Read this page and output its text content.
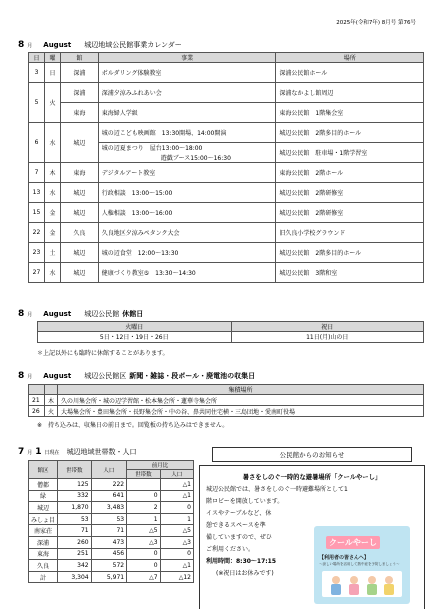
2025年(令和7年) 8月号 第76号
8 月 August 城辺地域公民館事業カレンダー
日	曜	館	事業	場所
3	日	深浦	ボルダリング体験教室	深浦公民館ホール
5	火	深浦	深浦夕涼みふれあい会	深浦なかよし館周辺
		東海	東海婦人学級	東海公民館　1階集会室
6	水	城辺	城の辺こども映画館　13:30開場、14:00開演	城辺公民館　2階多目的ホール
			城の辺夏まつり　屋台13:00～18:00	城辺公民館　駐車場・1階学習室
			遊戯ブース15:00～16:30	
7	木	東海	デジタルアート教室	東海公民館　2階ホール
13	水	城辺	行政相談　13:00～15:00	城辺公民館　2階研修室
15	金	城辺	人権相談　13:00～16:00	城辺公民館　2階研修室
22	金	久良	久良地区夕涼みペタンク大会	旧久良小学校グラウンド
23	土	城辺	城の辺食堂　12:00～13:30	城辺公民館　2階多目的ホール
27	水	城辺	健康づくり教室⑤　13:30～14:30	城辺公民館　3階和室
8 月 August 城辺公民館 休館日
火曜日	祝日
5日・12日・19日・26日	11日(月)山の日
＊上記以外にも臨時に休館することがあります。
8 月 August 城辺公民館区 新聞・雑誌・段ボール・廃電池の収集日
		集積場所
21	木	久の川集会所・城の辺学習館・松本集会所・蓮華寺集会所
26	火	大場集会所・豊田集会所・長野集会所・中の谷、鼻共同住宅横・三島団地・愛南町役場
※　持ち込みは、収集日の前日まで。回覧板の持ち込みはできません。
7 月 1 日現在 城辺地域世帯数・人口
館区	世帯数	人口	前月比	
			世帯数	人口
僧都	125	222		△1
緑	332	641	0	△1
城辺	1,870	3,483	2	0
みしょ目	53	53	1	1
南家荘	71	71	△5	△5
深浦	260	473	△3	△3
東海	251	456	0	0
久良	342	572	0	△1
計	3,304	5,971	△7	△12
公民館からのお知らせ
暑さをしのぐ一時的な避暑場所「クールやーし」

城辺公民館では、暑さをしのぐ一時避難場所として1

階ロビーを開放しています。

イスやテーブルなど、休

憩できるスペースを準

備していますので、ぜひ

ご利用ください。

利用時間：8:30～17:15

(※祝日はお休みです)

クールやーし
【利用者の皆さんへ】
～涼しい場所を活用して熱中症を予防しましょう～
